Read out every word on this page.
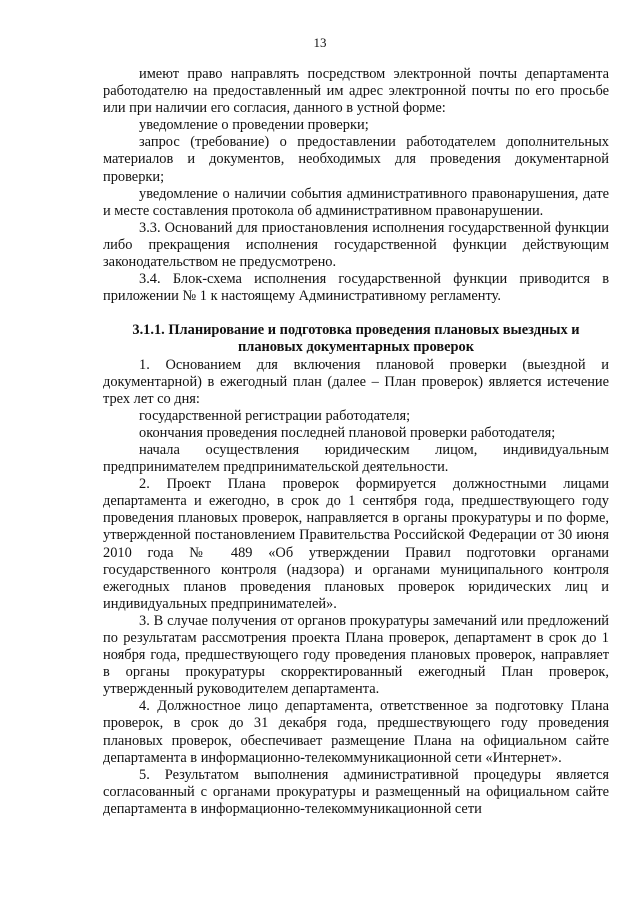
13

имеют право направлять посредством электронной почты департамента работодателю на предоставленный им адрес электронной почты по его просьбе или при наличии его согласия, данного в устной форме:

уведомление о проведении проверки;

запрос (требование) о предоставлении работодателем дополнительных материалов и документов, необходимых для проведения документарной проверки;

уведомление о наличии события административного правонарушения, дате и месте составления протокола об административном правонарушении.

3.3. Оснований для приостановления исполнения государственной функции либо прекращения исполнения государственной функции действующим законодательством не предусмотрено.

3.4. Блок-схема исполнения государственной функции приводится в приложении № 1 к настоящему Административному регламенту.

3.1.1. Планирование и подготовка проведения плановых выездных и плановых документарных проверок

1. Основанием для включения плановой проверки (выездной и документарной) в ежегодный план (далее – План проверок) является истечение трех лет со дня:

государственной регистрации работодателя;

окончания проведения последней плановой проверки работодателя;

начала осуществления юридическим лицом, индивидуальным предпринимателем предпринимательской деятельности.

2. Проект Плана проверок формируется должностными лицами департамента и ежегодно, в срок до 1 сентября года, предшествующего году проведения плановых проверок, направляется в органы прокуратуры и по форме, утвержденной постановлением Правительства Российской Федерации от 30 июня 2010 года № 489 «Об утверждении Правил подготовки органами государственного контроля (надзора) и органами муниципального контроля ежегодных планов проведения плановых проверок юридических лиц и индивидуальных предпринимателей».

3. В случае получения от органов прокуратуры замечаний или предложений по результатам рассмотрения проекта Плана проверок, департамент в срок до 1 ноября года, предшествующего году проведения плановых проверок, направляет в органы прокуратуры скорректированный ежегодный План проверок, утвержденный руководителем департамента.

4. Должностное лицо департамента, ответственное за подготовку Плана проверок, в срок до 31 декабря года, предшествующего году проведения плановых проверок, обеспечивает размещение Плана на официальном сайте департамента в информационно-телекоммуникационной сети «Интернет».

5. Результатом выполнения административной процедуры является согласованный с органами прокуратуры и размещенный на официальном сайте департамента в информационно-телекоммуникационной сети
